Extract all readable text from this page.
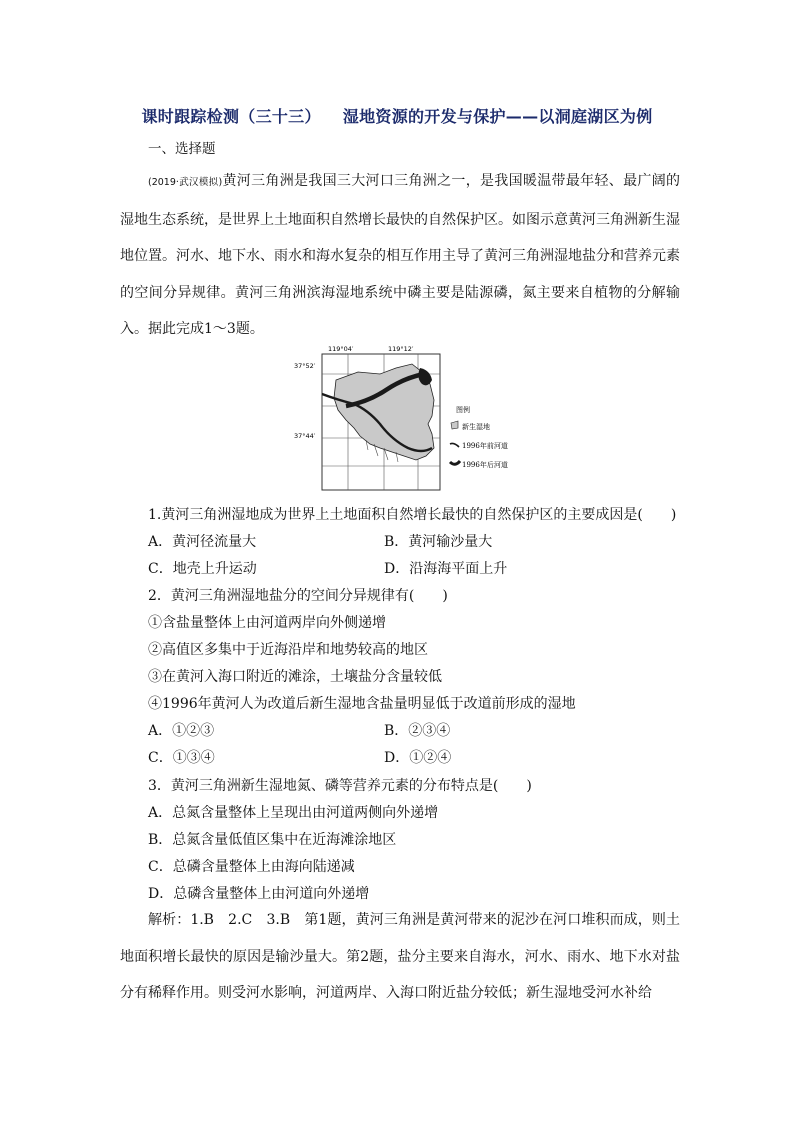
课时跟踪检测（三十三） 湿地资源的开发与保护——以洞庭湖区为例
一、选择题
(2019·武汉模拟)黄河三角洲是我国三大河口三角洲之一，是我国暖温带最年轻、最广阔的湿地生态系统，是世界上土地面积自然增长最快的自然保护区。如图示意黄河三角洲新生湿地位置。河水、地下水、雨水和海水复杂的相互作用主导了黄河三角洲湿地盐分和营养元素的空间分异规律。黄河三角洲滨海湿地系统中磷主要是陆源磷，氮主要来自植物的分解输入。据此完成1～3题。
119°04′	119°12′
37°52′
37°44′
图例
新生湿地
1996年前河道
1996年后河道
1.黄河三角洲湿地成为世界上土地面积自然增长最快的自然保护区的主要成因是(　　)
A．黄河径流量大	B．黄河输沙量大
C．地壳上升运动	D．沿海海平面上升
2．黄河三角洲湿地盐分的空间分异规律有(　　)
①含盐量整体上由河道两岸向外侧递增
②高值区多集中于近海沿岸和地势较高的地区
③在黄河入海口附近的滩涂，土壤盐分含量较低
④1996年黄河人为改道后新生湿地含盐量明显低于改道前形成的湿地
A．①②③	B．②③④
C．①③④	D．①②④
3．黄河三角洲新生湿地氮、磷等营养元素的分布特点是(　　)
A．总氮含量整体上呈现出由河道两侧向外递增
B．总氮含量低值区集中在近海滩涂地区
C．总磷含量整体上由海向陆递减
D．总磷含量整体上由河道向外递增
解析：1.B　2.C　3.B　第1题，黄河三角洲是黄河带来的泥沙在河口堆积而成，则土地面积增长最快的原因是输沙量大。第2题，盐分主要来自海水，河水、雨水、地下水对盐分有稀释作用。则受河水影响，河道两岸、入海口附近盐分较低；新生湿地受河水补给
